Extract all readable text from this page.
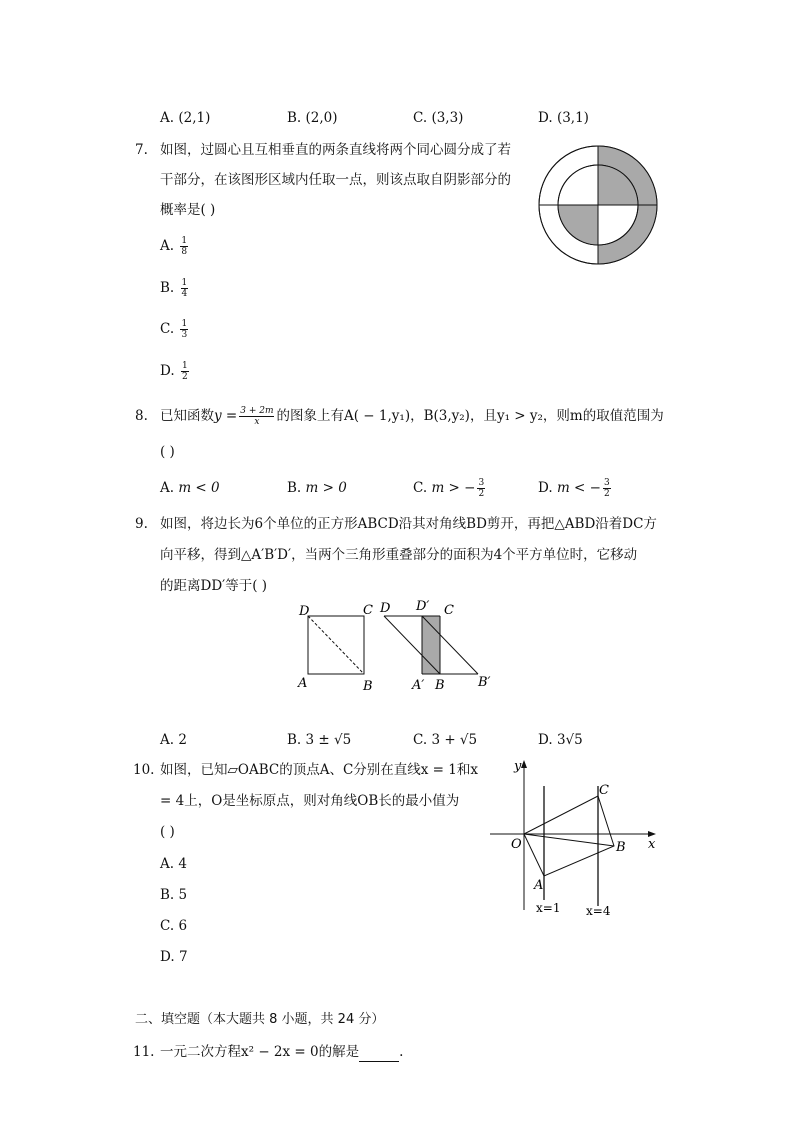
A. (2,1)	B. (2,0)	C. (3,3)	D. (3,1)
7. 如图，过圆心且互相垂直的两条直线将两个同心圆分成了若
干部分，在该图形区域内任取一点，则该点取自阴影部分的
概率是( )
A. $\frac{1}{8}$
B. $\frac{1}{4}$
C. $\frac{1}{3}$
D. $\frac{1}{2}$
8. 已知函数$y = \frac{3 + 2m}{x}$ 的图象上有A( − 1,y₁)，B(3,y₂)，且y₁ > y₂，则m的取值范围为
( )
A. m < 0	B. m > 0	C. m > − $\frac{3}{2}$	D. m < − $\frac{3}{2}$
9. 如图，将边长为6个单位的正方形ABCD沿其对角线BD剪开，再把△ABD沿着DC方
向平移，得到△A′B′D′，当两个三角形重叠部分的面积为4个平方单位时，它移动
的距离DD′等于( )
D	C
A	B
D D′ C
A′ B	B′
A. 2	B. 3 ± √5	C. 3 + √5	D. 3√5
10. 如图，已知▱OABC的顶点A、C分别在直线x = 1和x
= 4上，O是坐标原点，则对角线OB长的最小值为
( )
A. 4
B. 5
C. 6
D. 7
y
x
O
A
B
C
x=1 x=4
二、填空题（本大题共 8 小题，共 24 分）
11. 一元二次方程x² − 2x = 0的解是	.
